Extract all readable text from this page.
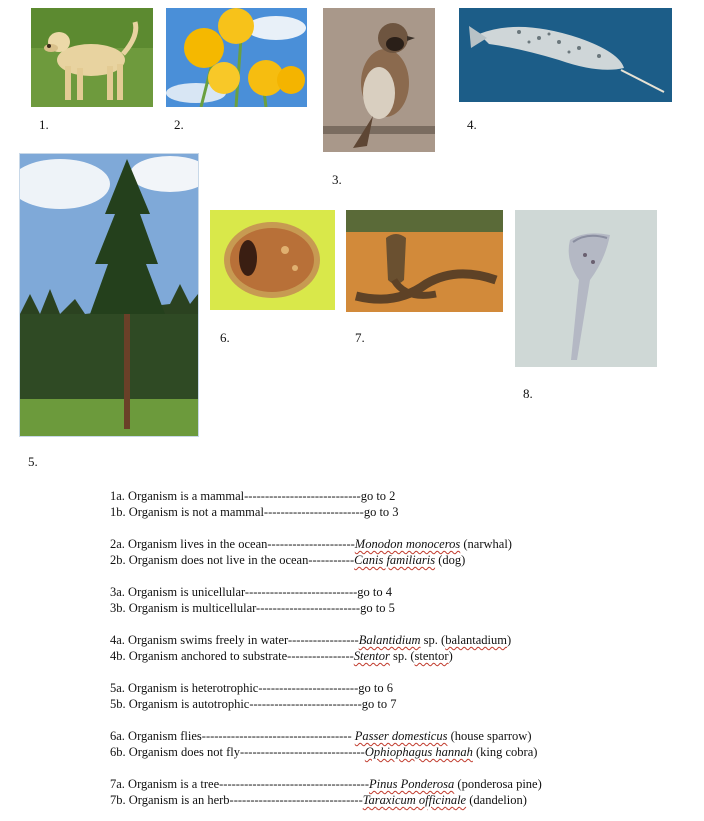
1.	2.
3.
4.
5.
6.	7.
8.
1a. Organism is a mammal----------------------------go to 2
1b. Organism is not a mammal------------------------go to 3
2a. Organism lives in the ocean---------------------Monodon monoceros (narwhal)
2b. Organism does not live in the ocean-----------Canis familiaris (dog)
3a. Organism is unicellular---------------------------go to 4
3b. Organism is multicellular-------------------------go to 5
4a. Organism swims freely in water-----------------Balantidium sp. (balantadium)
4b. Organism anchored to substrate----------------Stentor sp. (stentor)
5a. Organism is heterotrophic------------------------go to 6
5b. Organism is autotrophic---------------------------go to 7
6a. Organism flies------------------------------------ Passer domesticus (house sparrow)
6b. Organism does not fly------------------------------Ophiophagus hannah (king cobra)
7a. Organism is a tree------------------------------------Pinus Ponderosa (ponderosa pine)
7b. Organism is an herb--------------------------------Taraxicum officinale (dandelion)
